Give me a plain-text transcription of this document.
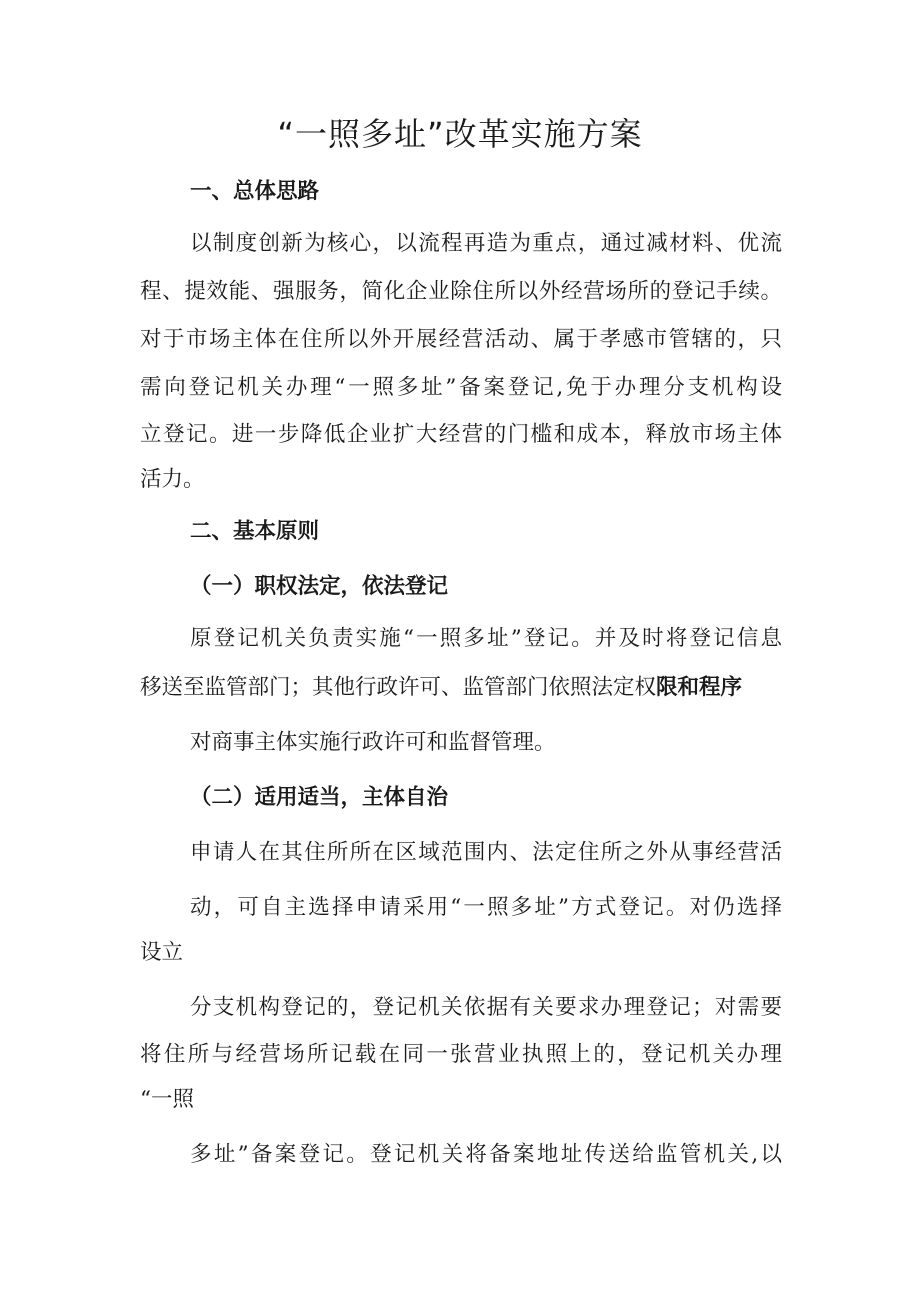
“一照多址”改革实施方案
一、总体思路
以制度创新为核心，以流程再造为重点，通过减材料、优流
程、提效能、强服务，简化企业除住所以外经营场所的登记手续。
对于市场主体在住所以外开展经营活动、属于孝感市管辖的，只
需向登记机关办理“一照多址”备案登记,免于办理分支机构设
立登记。进一步降低企业扩大经营的门槛和成本，释放市场主体
活力。
二、基本原则
（一）职权法定，依法登记
原登记机关负责实施“一照多址”登记。并及时将登记信息
移送至监管部门；其他行政许可、监管部门依照法定权限和程序
对商事主体实施行政许可和监督管理。
（二）适用适当，主体自治
申请人在其住所所在区域范围内、法定住所之外从事经营活
动，可自主选择申请采用“一照多址”方式登记。对仍选择
设立
分支机构登记的，登记机关依据有关要求办理登记；对需要
将住所与经营场所记载在同一张营业执照上的，登记机关办理
“一照
多址”备案登记。登记机关将备案地址传送给监管机关,以
